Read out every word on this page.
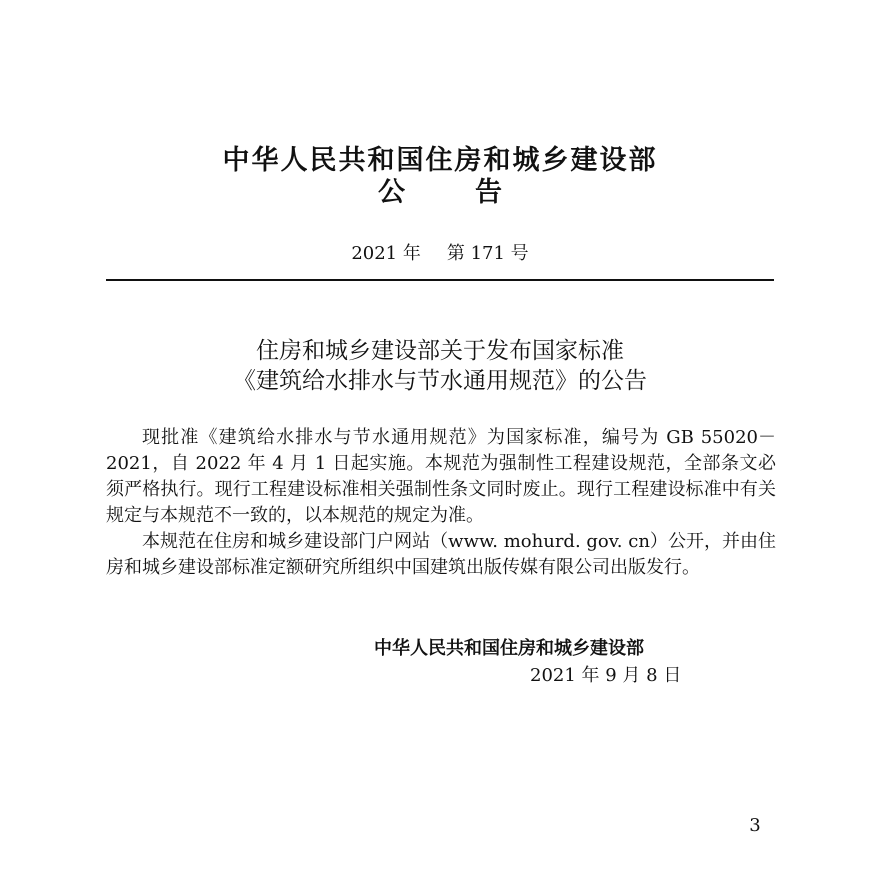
中华人民共和国住房和城乡建设部
公告
2021 年 第 171 号
住房和城乡建设部关于发布国家标准
《建筑给水排水与节水通用规范》的公告

现批准《建筑给水排水与节水通用规范》为国家标准，编号为 GB 55020－2021，自 2022 年 4 月 1 日起实施。本规范为强制性工程建设规范，全部条文必须严格执行。现行工程建设标准相关强制性条文同时废止。现行工程建设标准中有关规定与本规范不一致的，以本规范的规定为准。

本规范在住房和城乡建设部门户网站（www. mohurd. gov. cn）公开，并由住房和城乡建设部标准定额研究所组织中国建筑出版传媒有限公司出版发行。

中华人民共和国住房和城乡建设部
2021 年 9 月 8 日
3
